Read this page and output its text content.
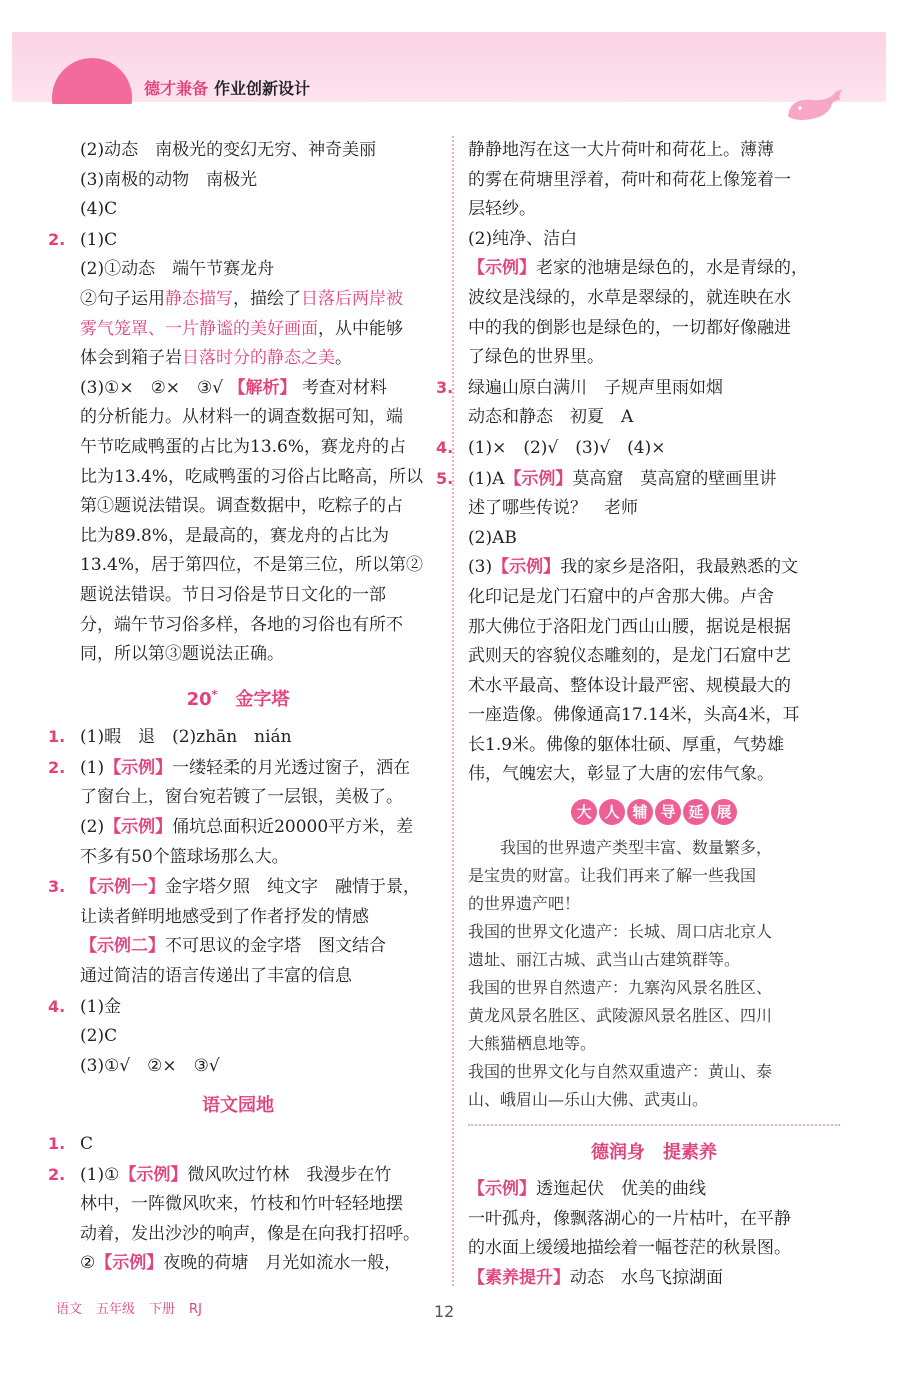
德才兼备 作业创新设计
(2)动态　南极光的变幻无穷、神奇美丽
(3)南极的动物　南极光
(4)C
2. (1)C
(2)①动态　端午节赛龙舟
②句子运用静态描写，描绘了日落后两岸被
雾气笼罩、一片静谧的美好画面，从中能够
体会到箱子岩日落时分的静态之美。
(3)①×　②×　③√ 【解析】 考查对材料
的分析能力。从材料一的调查数据可知，端
午节吃咸鸭蛋的占比为13.6%，赛龙舟的占
比为13.4%，吃咸鸭蛋的习俗占比略高，所以
第①题说法错误。调查数据中，吃粽子的占
比为89.8%，是最高的，赛龙舟的占比为
13.4%，居于第四位，不是第三位，所以第②
题说法错误。节日习俗是节日文化的一部
分，端午节习俗多样，各地的习俗也有所不
同，所以第③题说法正确。
20*　 金字塔
1. (1)暇　退　(2)zhān　nián
2. (1)【示例】一缕轻柔的月光透过窗子，洒在
了窗台上，窗台宛若镀了一层银，美极了。
(2)【示例】俑坑总面积近20000平方米，差
不多有50个篮球场那么大。
3. 【示例一】金字塔夕照　纯文字　融情于景，
让读者鲜明地感受到了作者抒发的情感
【示例二】不可思议的金字塔　图文结合
通过简洁的语言传递出了丰富的信息
4. (1)金
(2)C
(3)①√　②×　③√
语文园地
1. C
2. (1)①【示例】微风吹过竹林　我漫步在竹
林中，一阵微风吹来，竹枝和竹叶轻轻地摆
动着，发出沙沙的响声，像是在向我打招呼。
②【示例】夜晚的荷塘　月光如流水一般，
静静地泻在这一大片荷叶和荷花上。薄薄
的雾在荷塘里浮着，荷叶和荷花上像笼着一
层轻纱。
(2)纯净、洁白
【示例】老家的池塘是绿色的，水是青绿的，
波纹是浅绿的，水草是翠绿的，就连映在水
中的我的倒影也是绿色的，一切都好像融进
了绿色的世界里。
3. 绿遍山原白满川　子规声里雨如烟
动态和静态　初夏　A
4. (1)×　(2)√　(3)√　(4)×
5. (1)A【示例】莫高窟　莫高窟的壁画里讲
述了哪些传说？　老师
(2)AB
(3)【示例】我的家乡是洛阳，我最熟悉的文
化印记是龙门石窟中的卢舍那大佛。卢舍
那大佛位于洛阳龙门西山山腰，据说是根据
武则天的容貌仪态雕刻的，是龙门石窟中艺
术水平最高、整体设计最严密、规模最大的
一座造像。佛像通高17.14米，头高4米，耳
长1.9米。佛像的躯体壮硕、厚重，气势雄
伟，气魄宏大，彰显了大唐的宏伟气象。
大 人 辅 导 延 展
我国的世界遗产类型丰富、数量繁多，
是宝贵的财富。让我们再来了解一些我国
的世界遗产吧！
我国的世界文化遗产：长城、周口店北京人
遗址、丽江古城、武当山古建筑群等。
我国的世界自然遗产：九寨沟风景名胜区、
黄龙风景名胜区、武陵源风景名胜区、四川
大熊猫栖息地等。
我国的世界文化与自然双重遗产：黄山、泰
山、峨眉山—乐山大佛、武夷山。
德润身　提素养
【示例】透迤起伏　优美的曲线
一叶孤舟，像飘落湖心的一片枯叶，在平静
的水面上缓缓地描绘着一幅苍茫的秋景图。
【素养提升】动态　水鸟飞掠湖面
语文 五年级 下册 RJ	12
